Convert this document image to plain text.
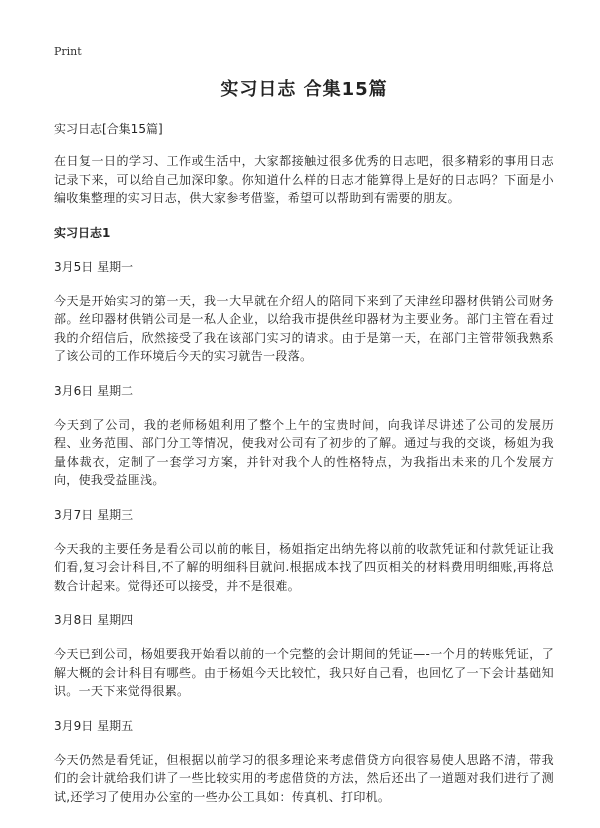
Print
实习日志 合集15篇
实习日志[合集15篇]

在日复一日的学习、工作或生活中，大家都接触过很多优秀的日志吧，很多精彩的事用日志记录下来，可以给自己加深印象。你知道什么样的日志才能算得上是好的日志吗？下面是小编收集整理的实习日志，供大家参考借鉴，希望可以帮助到有需要的朋友。

实习日志1
3月5日 星期一

今天是开始实习的第一天，我一大早就在介绍人的陪同下来到了天津丝印器材供销公司财务部。丝印器材供销公司是一私人企业，以给我市提供丝印器材为主要业务。部门主管在看过我的介绍信后，欣然接受了我在该部门实习的请求。由于是第一天，在部门主管带领我熟系了该公司的工作环境后今天的实习就告一段落。

3月6日 星期二

今天到了公司，我的老师杨姐利用了整个上午的宝贵时间，向我详尽讲述了公司的发展历程、业务范围、部门分工等情况，使我对公司有了初步的了解。通过与我的交谈，杨姐为我量体裁衣，定制了一套学习方案，并针对我个人的性格特点，为我指出未来的几个发展方向，使我受益匪浅。

3月7日 星期三

今天我的主要任务是看公司以前的帐目，杨姐指定出纳先将以前的收款凭证和付款凭证让我们看,复习会计科目,不了解的明细科目就问.根据成本找了四页相关的材料费用明细账,再将总数合计起来。觉得还可以接受，并不是很难。

3月8日 星期四

今天已到公司，杨姐要我开始看以前的一个完整的会计期间的凭证—-一个月的转账凭证，了解大概的会计科目有哪些。由于杨姐今天比较忙，我只好自己看，也回忆了一下会计基础知识。一天下来觉得很累。

3月9日 星期五

今天仍然是看凭证，但根据以前学习的很多理论来考虑借贷方向很容易使人思路不清，带我们的会计就给我们讲了一些比较实用的考虑借贷的方法，然后还出了一道题对我们进行了测试,还学习了使用办公室的一些办公工具如：传真机、打印机。
